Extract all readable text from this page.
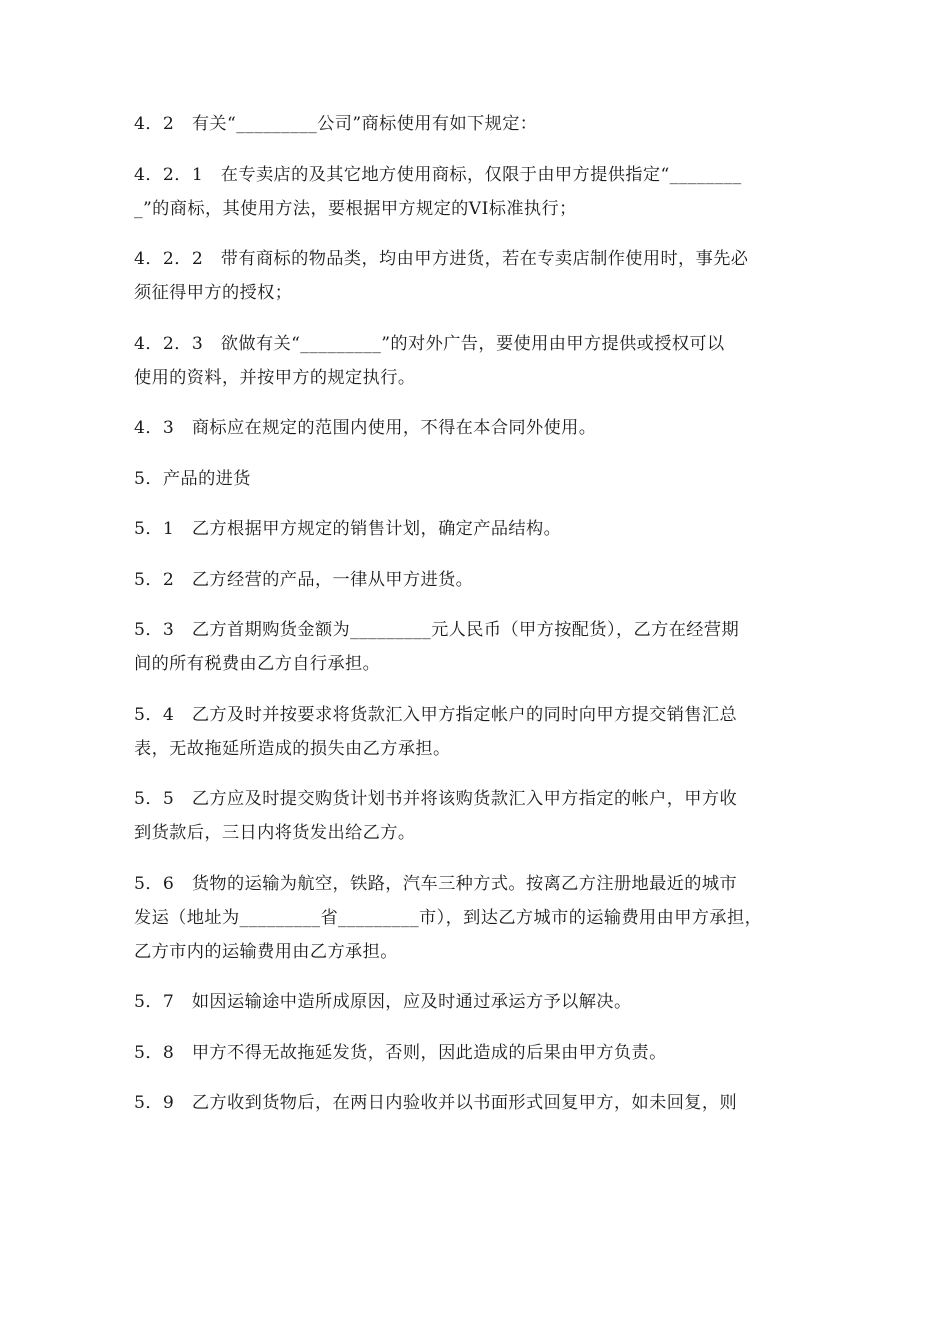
4．2　有关“_________公司”商标使用有如下规定：
4．2．1　在专卖店的及其它地方使用商标，仅限于由甲方提供指定“________
_”的商标，其使用方法，要根据甲方规定的VI标准执行；
4．2．2　带有商标的物品类，均由甲方进货，若在专卖店制作使用时，事先必
须征得甲方的授权；
4．2．3　欲做有关“_________”的对外广告，要使用由甲方提供或授权可以
使用的资料，并按甲方的规定执行。
4．3　商标应在规定的范围内使用，不得在本合同外使用。
5．产品的进货
5．1　乙方根据甲方规定的销售计划，确定产品结构。
5．2　乙方经营的产品，一律从甲方进货。
5．3　乙方首期购货金额为_________元人民币（甲方按配货），乙方在经营期
间的所有税费由乙方自行承担。
5．4　乙方及时并按要求将货款汇入甲方指定帐户的同时向甲方提交销售汇总
表，无故拖延所造成的损失由乙方承担。
5．5　乙方应及时提交购货计划书并将该购货款汇入甲方指定的帐户，甲方收
到货款后，三日内将货发出给乙方。
5．6　货物的运输为航空，铁路，汽车三种方式。按离乙方注册地最近的城市
发运（地址为_________省_________市），到达乙方城市的运输费用由甲方承担，
乙方市内的运输费用由乙方承担。
5．7　如因运输途中造所成原因，应及时通过承运方予以解决。
5．8　甲方不得无故拖延发货，否则，因此造成的后果由甲方负责。
5．9　乙方收到货物后，在两日内验收并以书面形式回复甲方，如未回复，则
